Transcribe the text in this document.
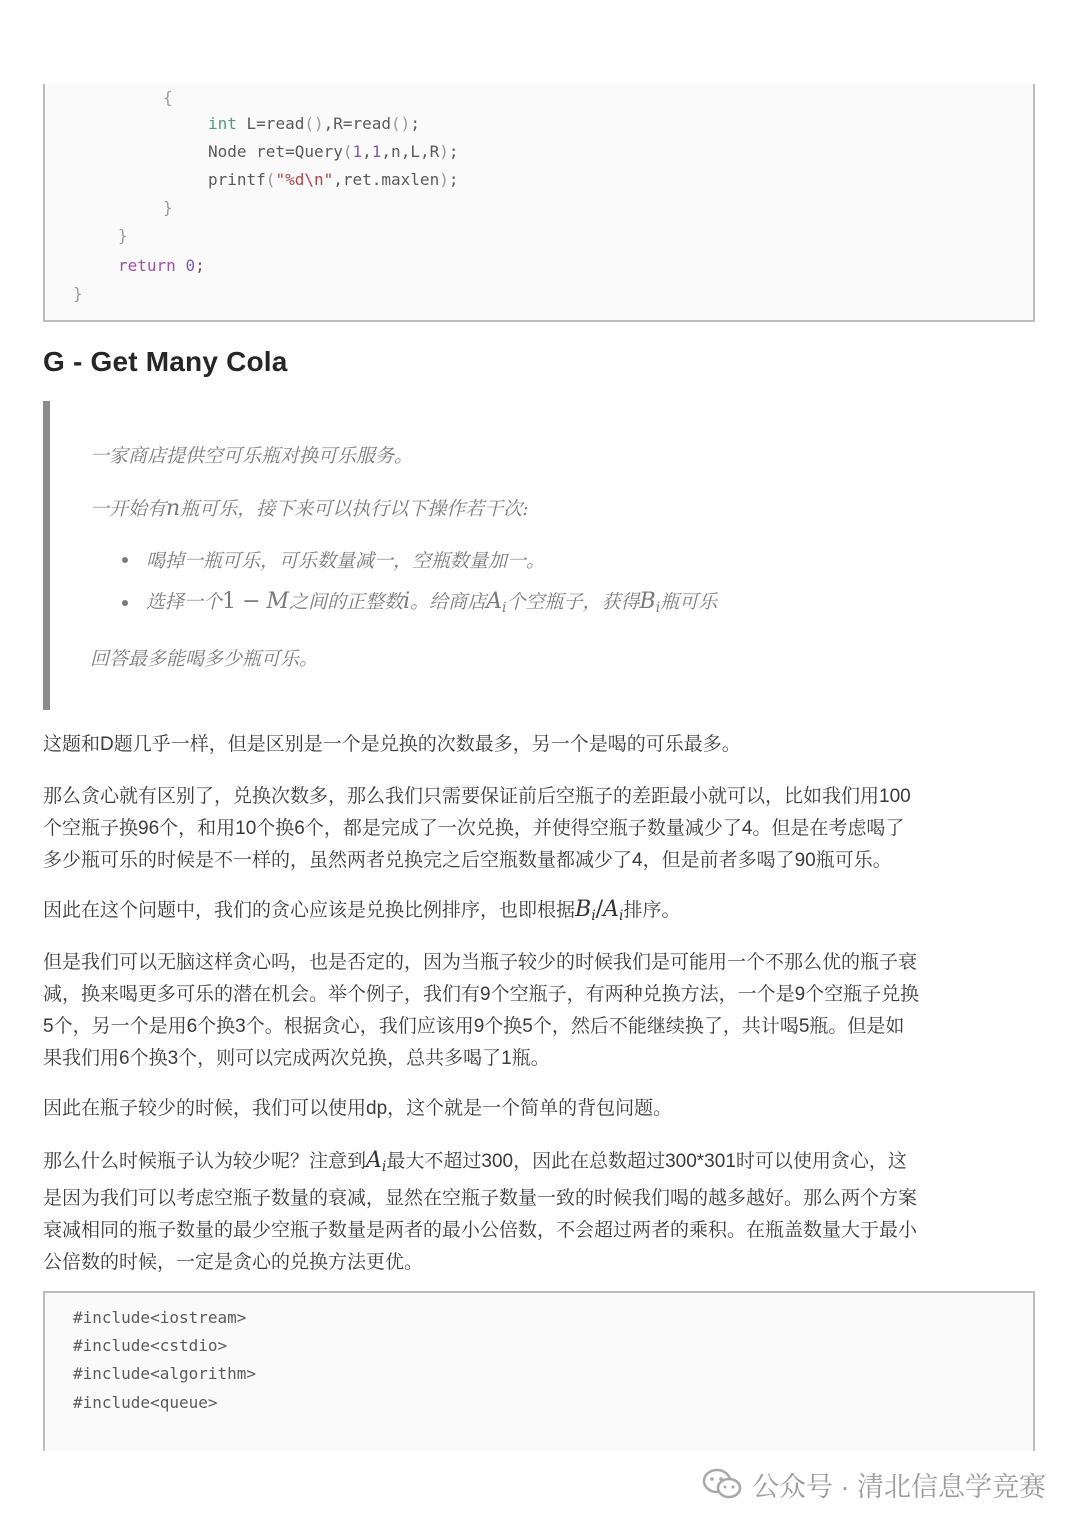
{
int L=read(),R=read();
Node ret=Query(1,1,n,L,R);
printf("%d\n",ret.maxlen);
}
}
return 0;
}
G - Get Many Cola
一家商店提供空可乐瓶对换可乐服务。
一开始有n瓶可乐，接下来可以执行以下操作若干次:
喝掉一瓶可乐，可乐数量减一，空瓶数量加一。
选择一个1 − M之间的正整数i。给商店$A_i$个空瓶子，获得$B_i$瓶可乐
回答最多能喝多少瓶可乐。
这题和D题几乎一样，但是区别是一个是兑换的次数最多，另一个是喝的可乐最多。
那么贪心就有区别了，兑换次数多，那么我们只需要保证前后空瓶子的差距最小就可以，比如我们用100
个空瓶子换96个，和用10个换6个，都是完成了一次兑换，并使得空瓶子数量减少了4。但是在考虑喝了
多少瓶可乐的时候是不一样的，虽然两者兑换完之后空瓶数量都减少了4，但是前者多喝了90瓶可乐。
因此在这个问题中，我们的贪心应该是兑换比例排序，也即根据$B_i/A_i$排序。
但是我们可以无脑这样贪心吗，也是否定的，因为当瓶子较少的时候我们是可能用一个不那么优的瓶子衰
减，换来喝更多可乐的潜在机会。举个例子，我们有9个空瓶子，有两种兑换方法，一个是9个空瓶子兑换
5个，另一个是用6个换3个。根据贪心，我们应该用9个换5个，然后不能继续换了，共计喝5瓶。但是如
果我们用6个换3个，则可以完成两次兑换，总共多喝了1瓶。
因此在瓶子较少的时候，我们可以使用dp，这个就是一个简单的背包问题。
那么什么时候瓶子认为较少呢？注意到$A_i$最大不超过300，因此在总数超过300*301时可以使用贪心，这
是因为我们可以考虑空瓶子数量的衰减，显然在空瓶子数量一致的时候我们喝的越多越好。那么两个方案
衰减相同的瓶子数量的最少空瓶子数量是两者的最小公倍数，不会超过两者的乘积。在瓶盖数量大于最小
公倍数的时候，一定是贪心的兑换方法更优。
#include<iostream>
#include<cstdio>
#include<algorithm>
#include<queue>
公众号 · 清北信息学竞赛
